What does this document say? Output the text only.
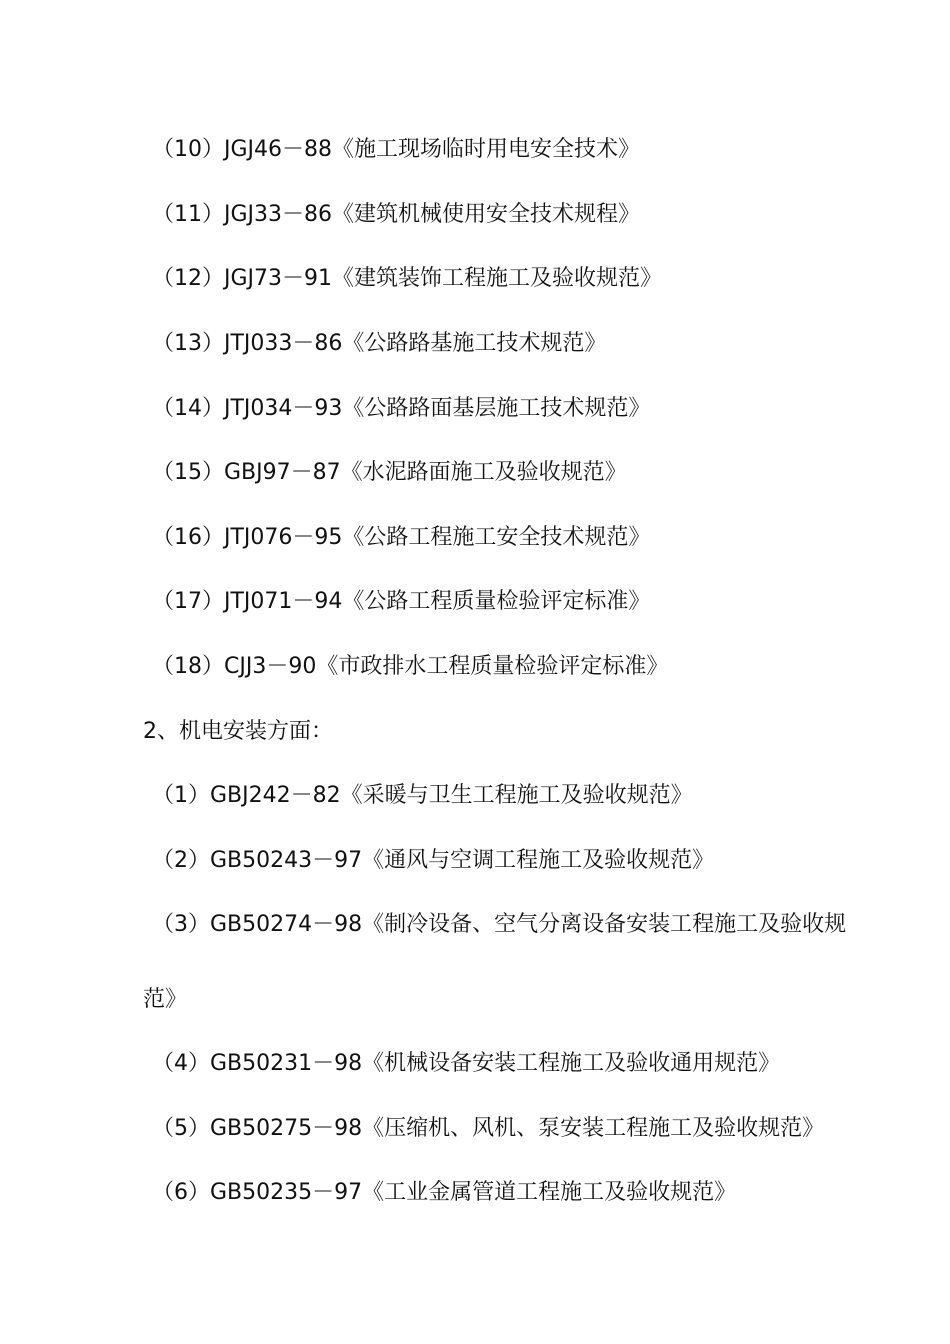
（10）JGJ46－88《施工现场临时用电安全技术》
（11）JGJ33－86《建筑机械使用安全技术规程》
（12）JGJ73－91《建筑装饰工程施工及验收规范》
（13）JTJ033－86《公路路基施工技术规范》
（14）JTJ034－93《公路路面基层施工技术规范》
（15）GBJ97－87《水泥路面施工及验收规范》
（16）JTJ076－95《公路工程施工安全技术规范》
（17）JTJ071－94《公路工程质量检验评定标准》
（18）CJJ3－90《市政排水工程质量检验评定标准》
2、机电安装方面：
（1）GBJ242－82《采暖与卫生工程施工及验收规范》
（2）GB50243－97《通风与空调工程施工及验收规范》
（3）GB50274－98《制冷设备、空气分离设备安装工程施工及验收规
范》
（4）GB50231－98《机械设备安装工程施工及验收通用规范》
（5）GB50275－98《压缩机、风机、泵安装工程施工及验收规范》
（6）GB50235－97《工业金属管道工程施工及验收规范》
